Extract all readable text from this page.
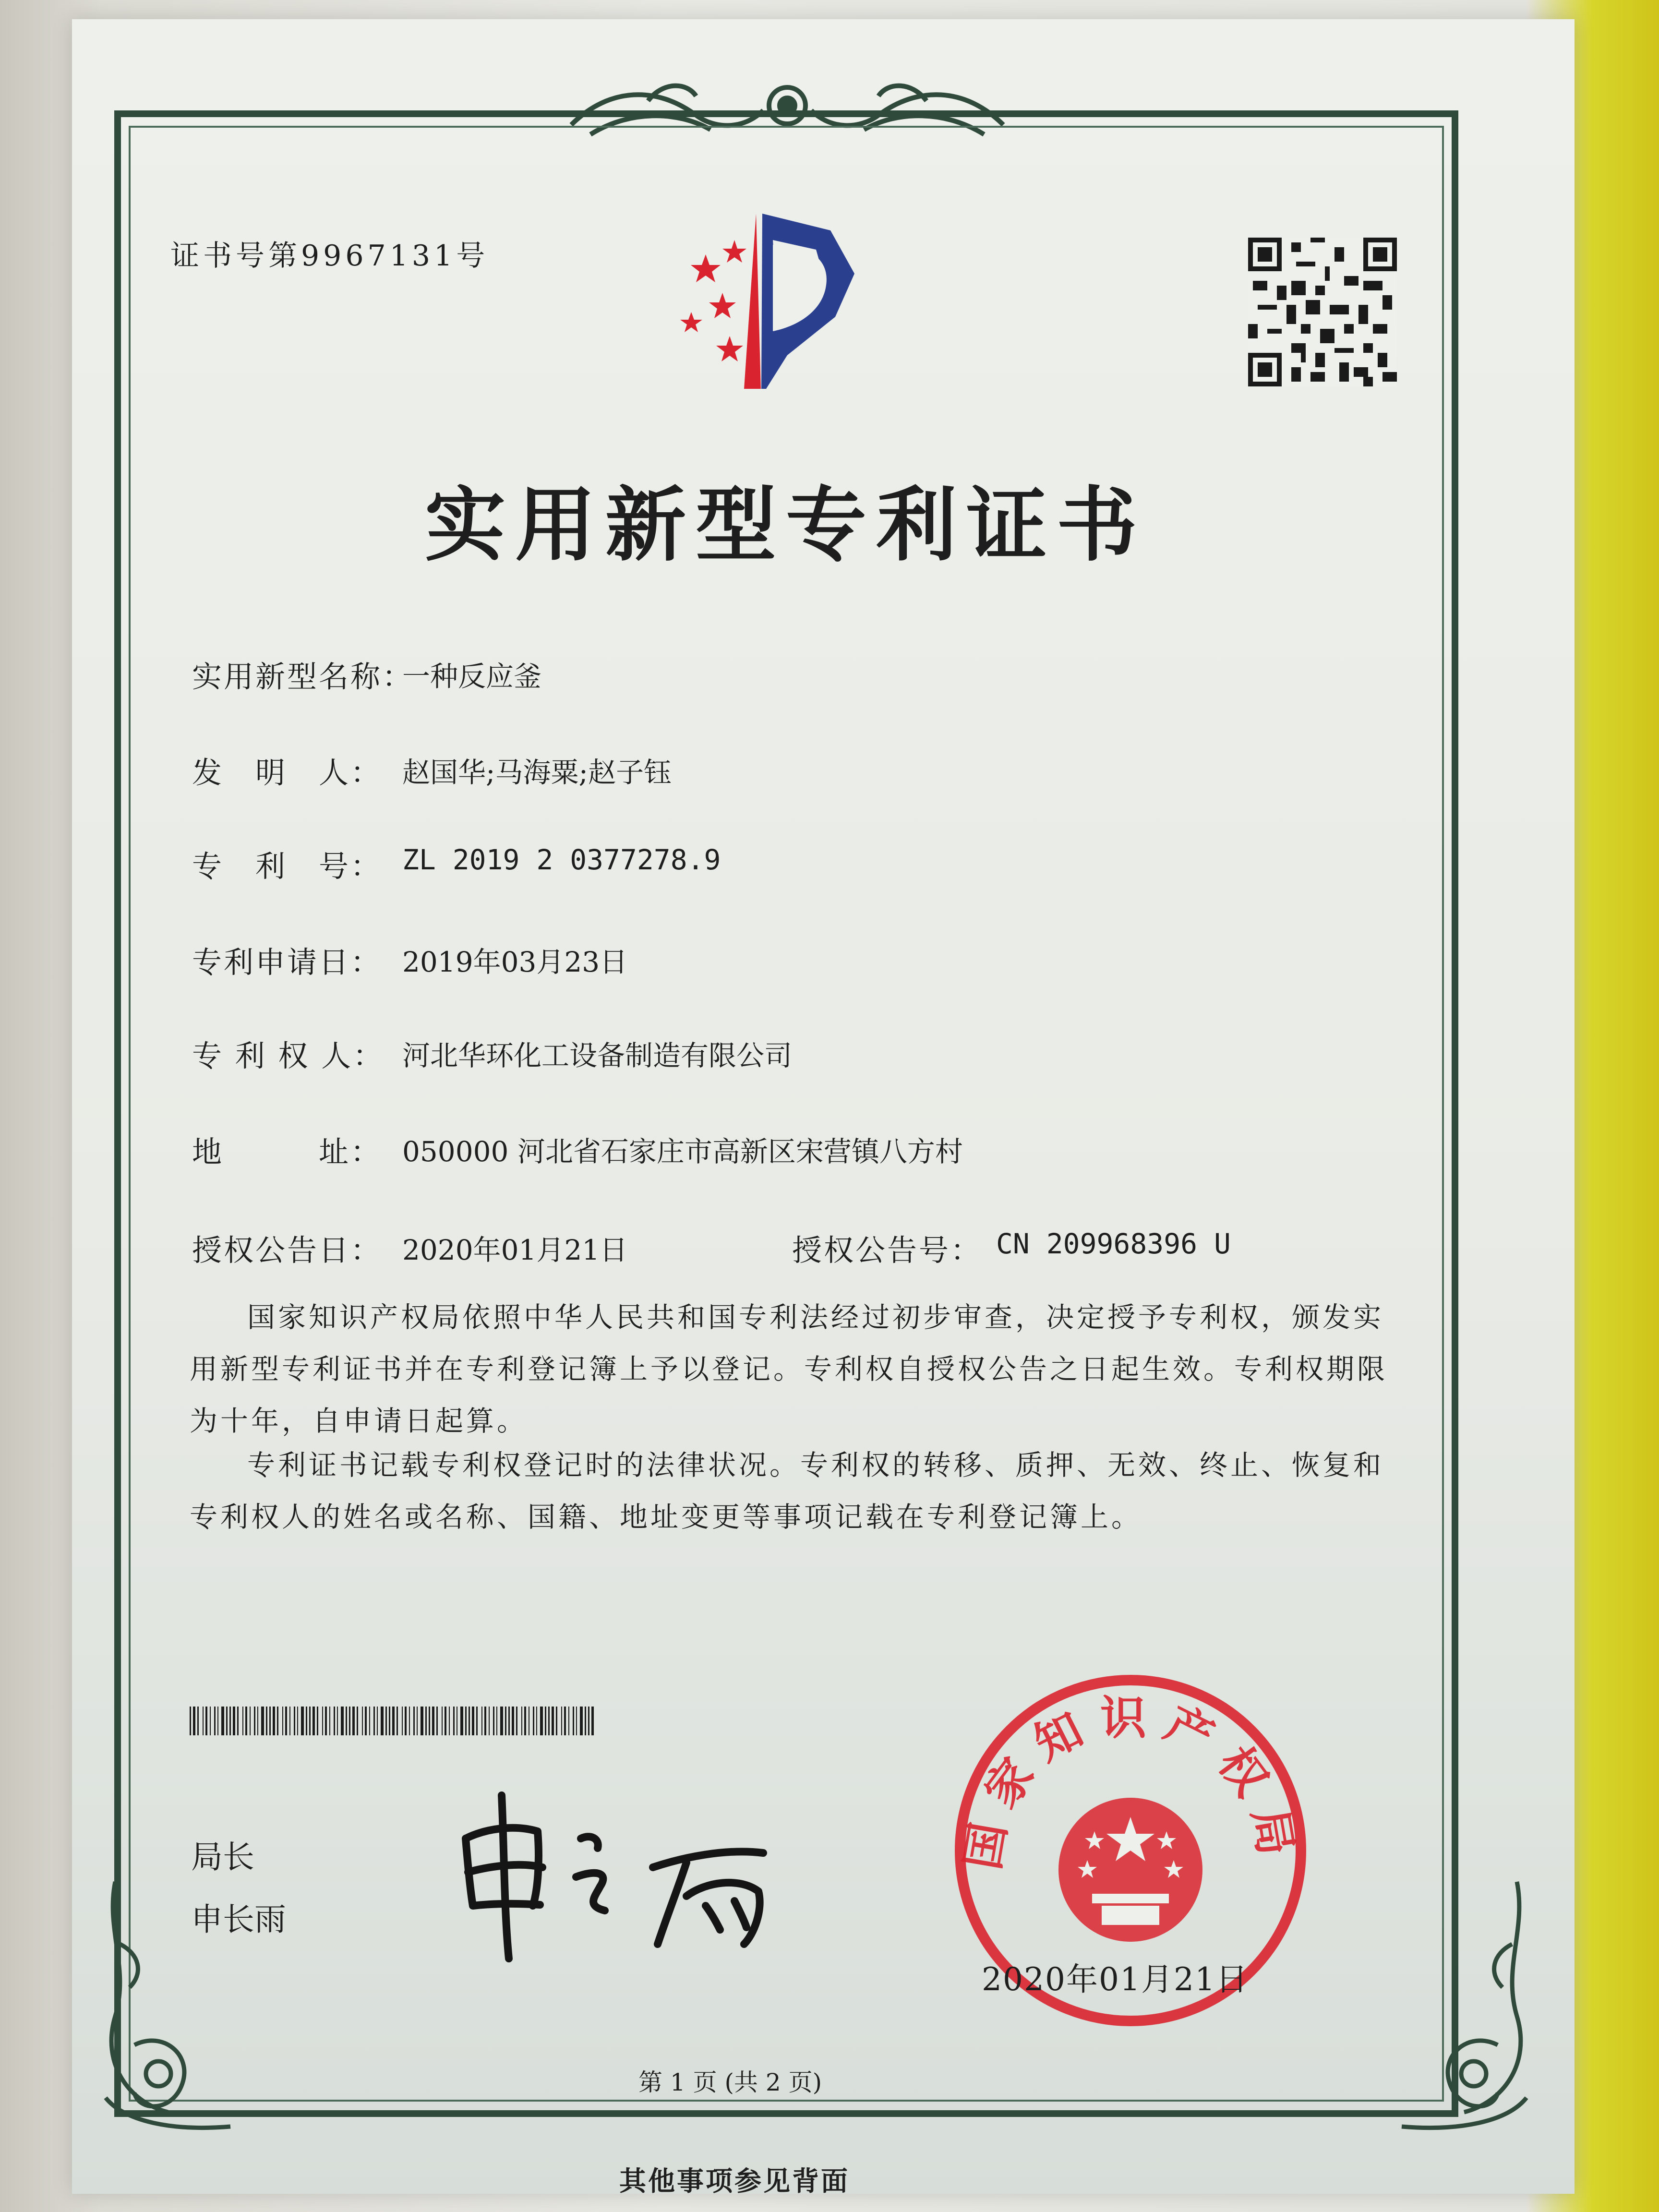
证书号第9967131号
实用新型专利证书
实用新型名称：
一种反应釜
发　明　人： 赵国华;马海粟;赵子钰
专　利　号： ZL 2019 2 0377278.9
专利申请日： 2019年03月23日
专 利 权 人： 河北华环化工设备制造有限公司
地　　　址： 050000 河北省石家庄市高新区宋营镇八方村
授权公告日： 2020年01月21日	授权公告号： CN 209968396 U
国家知识产权局依照中华人民共和国专利法经过初步审查，决定授予专利权，颁发实用新型专利证书并在专利登记簿上予以登记。专利权自授权公告之日起生效。专利权期限为十年，自申请日起算。
专利证书记载专利权登记时的法律状况。专利权的转移、质押、无效、终止、恢复和专利权人的姓名或名称、国籍、地址变更等事项记载在专利登记簿上。
局长
申长雨
国家知识产权局
2020年01月21日
第 1 页 (共 2 页)
其他事项参见背面
